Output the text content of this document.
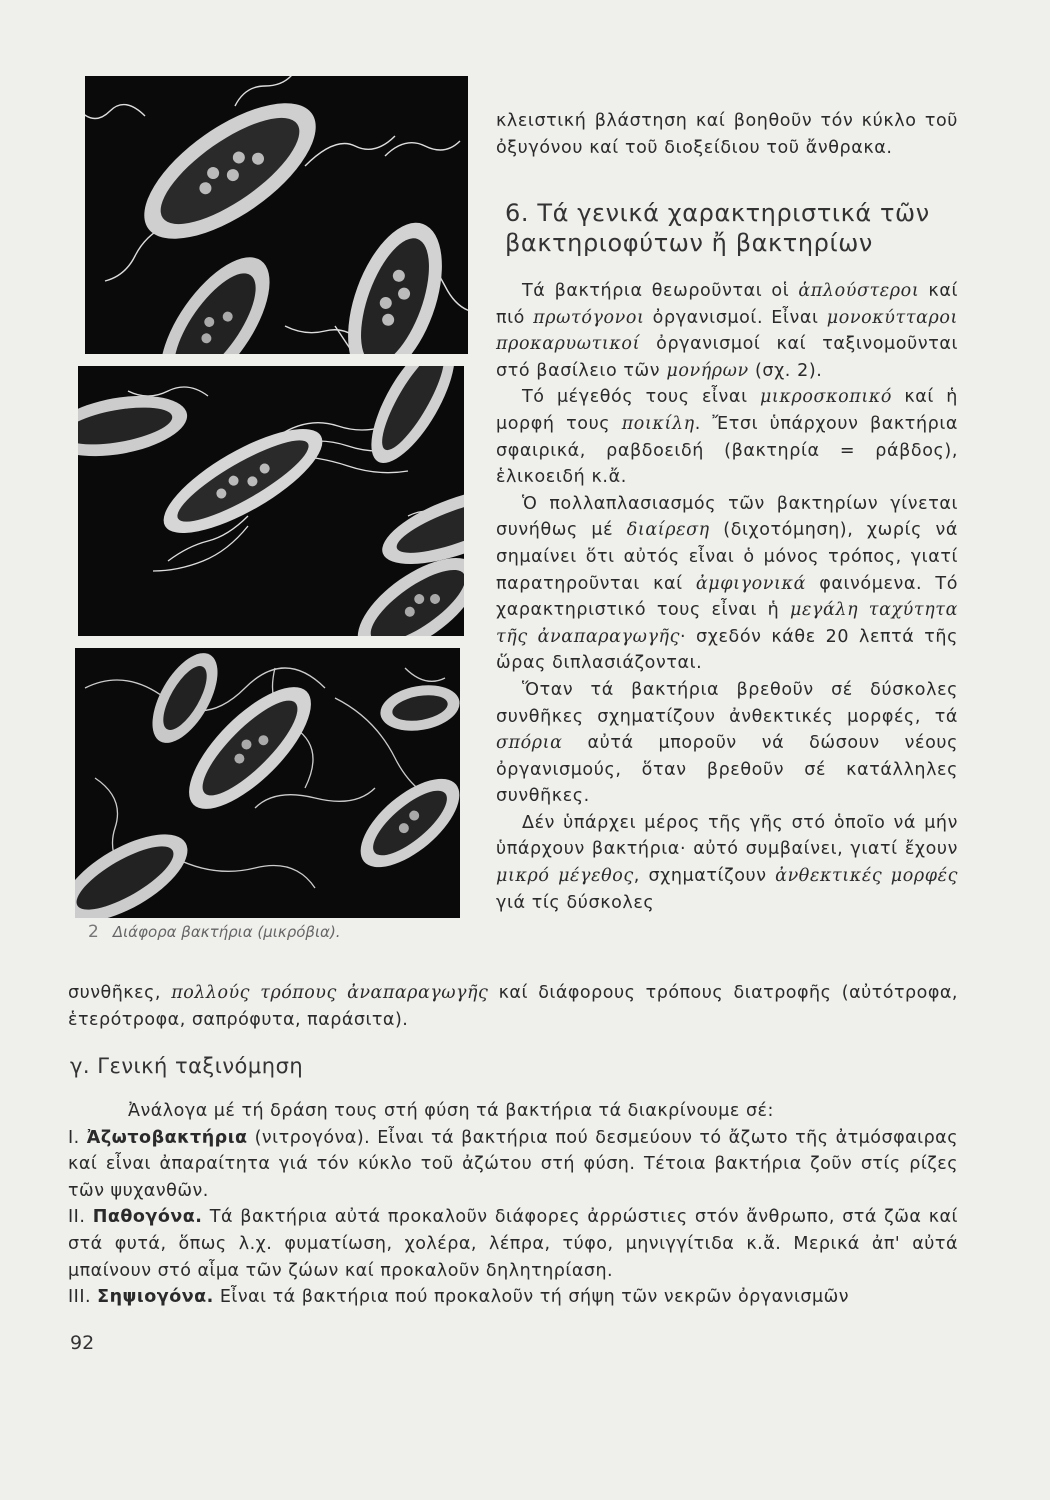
2 Διάφορα βακτήρια (μικρόβια).

κλειστική βλάστηση καί βοηθοῦν τόν κύκλο τοῦ ὀξυγόνου καί τοῦ διοξείδιου τοῦ ἄνθρακα.

6. Τά γενικά χαρακτηριστικά τῶν
βακτηριοφύτων ἤ βακτηρίων

Τά βακτήρια θεωροῦνται οἱ ἁπλούστεροι καί πιό πρωτόγονοι ὀργανισμοί. Εἶναι μονοκύτταροι προκαρυωτικοί ὀργανισμοί καί ταξινομοῦνται στό βασίλειο τῶν μονήρων (σχ. 2).

Τό μέγεθός τους εἶναι μικροσκοπικό καί ἡ μορφή τους ποικίλη. Ἔτσι ὑπάρχουν βακτήρια σφαιρικά, ραβδοειδή (βακτηρία = ράβδος), ἑλικοειδή κ.ἄ.

Ὁ πολλαπλασιασμός τῶν βακτηρίων γίνεται συνήθως μέ διαίρεση (διχοτόμηση), χωρίς νά σημαίνει ὅτι αὐτός εἶναι ὁ μόνος τρόπος, γιατί παρατηροῦνται καί ἀμφιγονικά φαινόμενα. Τό χαρακτηριστικό τους εἶναι ἡ μεγάλη ταχύτητα τῆς ἀναπαραγωγῆς· σχεδόν κάθε 20 λεπτά τῆς ὥρας διπλασιάζονται.

Ὅταν τά βακτήρια βρεθοῦν σέ δύσκολες συνθῆκες σχηματίζουν ἀνθεκτικές μορφές, τά σπόρια αὐτά μποροῦν νά δώσουν νέους ὀργανισμούς, ὅταν βρεθοῦν σέ κατάλληλες συνθῆκες.

Δέν ὑπάρχει μέρος τῆς γῆς στό ὁποῖο νά μήν ὑπάρχουν βακτήρια· αὐτό συμβαίνει, γιατί ἔχουν μικρό μέγεθος, σχηματίζουν ἀνθεκτικές μορφές γιά τίς δύσκολες

συνθῆκες, πολλούς τρόπους ἀναπαραγωγῆς καί διάφορους τρόπους διατροφῆς (αὐτότροφα, ἑτερότροφα, σαπρόφυτα, παράσιτα).

γ. Γενική ταξινόμηση

Ἀνάλογα μέ τή δράση τους στή φύση τά βακτήρια τά διακρίνουμε σέ:

Ι. Ἀζωτοβακτήρια (νιτρογόνα). Εἶναι τά βακτήρια πού δεσμεύουν τό ἄζωτο τῆς ἀτμόσφαιρας καί εἶναι ἀπαραίτητα γιά τόν κύκλο τοῦ ἀζώτου στή φύση. Τέτοια βακτήρια ζοῦν στίς ρίζες τῶν ψυχανθῶν.

ΙΙ. Παθογόνα. Τά βακτήρια αὐτά προκαλοῦν διάφορες ἀρρώστιες στόν ἄνθρωπο, στά ζῶα καί στά φυτά, ὅπως λ.χ. φυματίωση, χολέρα, λέπρα, τύφο, μηνιγγίτιδα κ.ἄ. Μερικά ἀπ' αὐτά μπαίνουν στό αἷμα τῶν ζώων καί προκαλοῦν δηλητηρίαση.

ΙΙΙ. Σηψιογόνα. Εἶναι τά βακτήρια πού προκαλοῦν τή σήψη τῶν νεκρῶν ὀργανισμῶν

92
